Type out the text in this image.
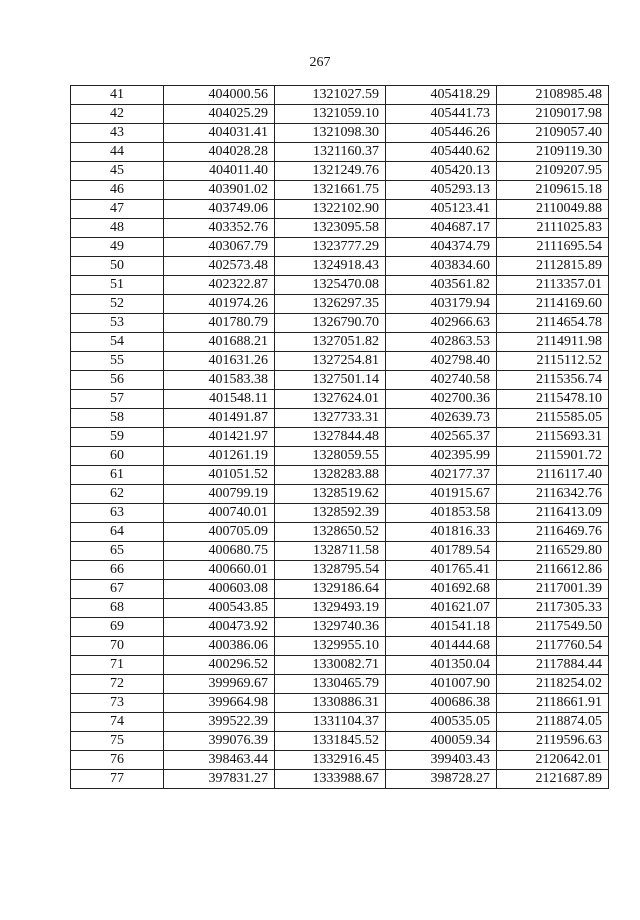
267
41	404000.56	1321027.59	405418.29	2108985.48
42	404025.29	1321059.10	405441.73	2109017.98
43	404031.41	1321098.30	405446.26	2109057.40
44	404028.28	1321160.37	405440.62	2109119.30
45	404011.40	1321249.76	405420.13	2109207.95
46	403901.02	1321661.75	405293.13	2109615.18
47	403749.06	1322102.90	405123.41	2110049.88
48	403352.76	1323095.58	404687.17	2111025.83
49	403067.79	1323777.29	404374.79	2111695.54
50	402573.48	1324918.43	403834.60	2112815.89
51	402322.87	1325470.08	403561.82	2113357.01
52	401974.26	1326297.35	403179.94	2114169.60
53	401780.79	1326790.70	402966.63	2114654.78
54	401688.21	1327051.82	402863.53	2114911.98
55	401631.26	1327254.81	402798.40	2115112.52
56	401583.38	1327501.14	402740.58	2115356.74
57	401548.11	1327624.01	402700.36	2115478.10
58	401491.87	1327733.31	402639.73	2115585.05
59	401421.97	1327844.48	402565.37	2115693.31
60	401261.19	1328059.55	402395.99	2115901.72
61	401051.52	1328283.88	402177.37	2116117.40
62	400799.19	1328519.62	401915.67	2116342.76
63	400740.01	1328592.39	401853.58	2116413.09
64	400705.09	1328650.52	401816.33	2116469.76
65	400680.75	1328711.58	401789.54	2116529.80
66	400660.01	1328795.54	401765.41	2116612.86
67	400603.08	1329186.64	401692.68	2117001.39
68	400543.85	1329493.19	401621.07	2117305.33
69	400473.92	1329740.36	401541.18	2117549.50
70	400386.06	1329955.10	401444.68	2117760.54
71	400296.52	1330082.71	401350.04	2117884.44
72	399969.67	1330465.79	401007.90	2118254.02
73	399664.98	1330886.31	400686.38	2118661.91
74	399522.39	1331104.37	400535.05	2118874.05
75	399076.39	1331845.52	400059.34	2119596.63
76	398463.44	1332916.45	399403.43	2120642.01
77	397831.27	1333988.67	398728.27	2121687.89
